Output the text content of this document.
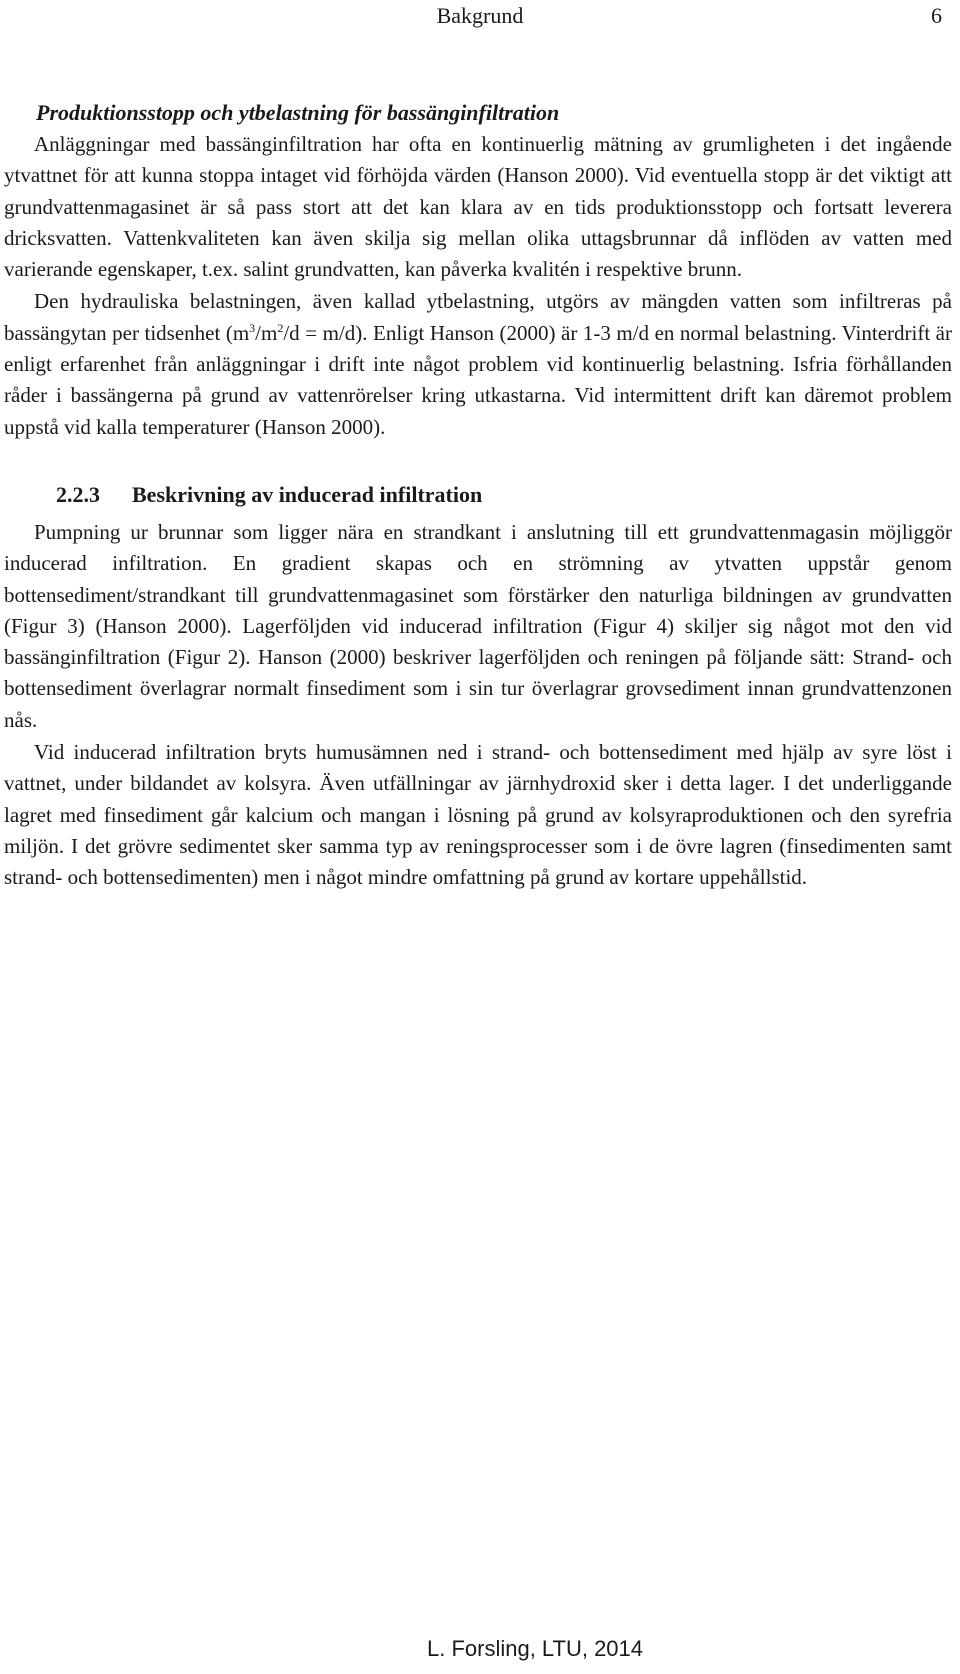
Bakgrund	6

Produktionsstopp och ytbelastning för bassänginfiltration

Anläggningar med bassänginfiltration har ofta en kontinuerlig mätning av grumligheten i det ingående ytvattnet för att kunna stoppa intaget vid förhöjda värden (Hanson 2000). Vid eventuella stopp är det viktigt att grundvattenmagasinet är så pass stort att det kan klara av en tids produktionsstopp och fortsatt leverera dricksvatten. Vattenkvaliteten kan även skilja sig mellan olika uttagsbrunnar då inflöden av vatten med varierande egenskaper, t.ex. salint grundvatten, kan påverka kvalitén i respektive brunn.

Den hydrauliska belastningen, även kallad ytbelastning, utgörs av mängden vatten som infiltreras på bassängytan per tidsenhet $(m^3/m^2/d = m/d)$. Enligt Hanson (2000) är 1-3 m/d en normal belastning. Vinterdrift är enligt erfarenhet från anläggningar i drift inte något problem vid kontinuerlig belastning. Isfria förhållanden råder i bassängerna på grund av vattenrörelser kring utkastarna. Vid intermittent drift kan däremot problem uppstå vid kalla temperaturer (Hanson 2000).

2.2.3 Beskrivning av inducerad infiltration

Pumpning ur brunnar som ligger nära en strandkant i anslutning till ett grundvattenmagasin möjliggör inducerad infiltration. En gradient skapas och en strömning av ytvatten uppstår genom bottensediment/strandkant till grundvattenmagasinet som förstärker den naturliga bildningen av grundvatten (Figur 3) (Hanson 2000). Lagerföljden vid inducerad infiltration (Figur 4) skiljer sig något mot den vid bassänginfiltration (Figur 2). Hanson (2000) beskriver lagerföljden och reningen på följande sätt: Strand- och bottensediment överlagrar normalt finsediment som i sin tur överlagrar grovsediment innan grundvattenzonen nås.

Vid inducerad infiltration bryts humusämnen ned i strand- och bottensediment med hjälp av syre löst i vattnet, under bildandet av kolsyra. Även utfällningar av järnhydroxid sker i detta lager. I det underliggande lagret med finsediment går kalcium och mangan i lösning på grund av kolsyraproduktionen och den syrefria miljön. I det grövre sedimentet sker samma typ av reningsprocesser som i de övre lagren (finsedimenten samt strand- och bottensedimenten) men i något mindre omfattning på grund av kortare uppehållstid.

L. Forsling, LTU, 2014
